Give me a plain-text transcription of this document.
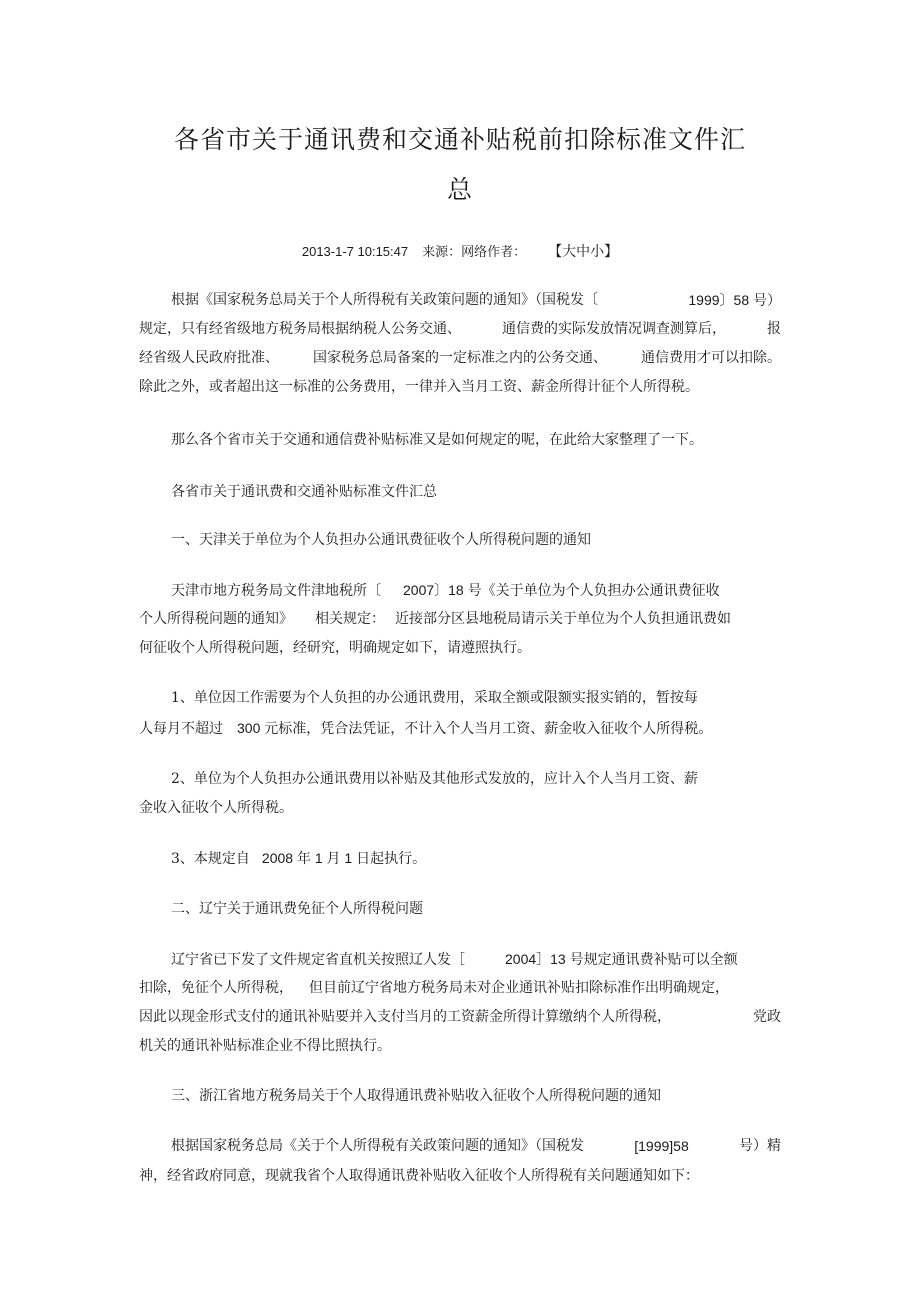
各省市关于通讯费和交通补贴税前扣除标准文件汇
总
2013-1-7 10:15:47 来源：网络作者： 【大中小】
根据《国家税务总局关于个人所得税有关政策问题的通知》（国税发〔	1999〕58 号）
规定，只有经省级地方税务局根据纳税人公务交通、	通信费的实际发放情况调查测算后，	报
经省级人民政府批准、 国家税务总局备案的一定标准之内的公务交通、 通信费用才可以扣除。
除此之外，或者超出这一标准的公务费用，一律并入当月工资、薪金所得计征个人所得税。
那么各个省市关于交通和通信费补贴标准又是如何规定的呢，在此给大家整理了一下。
各省市关于通讯费和交通补贴标准文件汇总
一、天津关于单位为个人负担办公通讯费征收个人所得税问题的通知
天津市地方税务局文件津地税所〔 2007〕18 号《关于单位为个人负担办公通讯费征收
个人所得税问题的通知》 相关规定： 近接部分区县地税局请示关于单位为个人负担通讯费如
何征收个人所得税问题，经研究，明确规定如下，请遵照执行。
1、单位因工作需要为个人负担的办公通讯费用，采取全额或限额实报实销的，暂按每
人每月不超过 300 元标准，凭合法凭证，不计入个人当月工资、薪金收入征收个人所得税。
2、单位为个人负担办公通讯费用以补贴及其他形式发放的，应计入个人当月工资、薪
金收入征收个人所得税。
3、本规定自 2008 年 1 月 1 日起执行。
二、辽宁关于通讯费免征个人所得税问题
辽宁省已下发了文件规定省直机关按照辽人发［	2004］13 号规定通讯费补贴可以全额
扣除，免征个人所得税， 但目前辽宁省地方税务局未对企业通讯补贴扣除标准作出明确规定，
因此以现金形式支付的通讯补贴要并入支付当月的工资薪金所得计算缴纳个人所得税，	党政
机关的通讯补贴标准企业不得比照执行。
三、浙江省地方税务局关于个人取得通讯费补贴收入征收个人所得税问题的通知
根据国家税务总局《关于个人所得税有关政策问题的通知》（国税发	[1999]58	号）精
神，经省政府同意，现就我省个人取得通讯费补贴收入征收个人所得税有关问题通知如下：
